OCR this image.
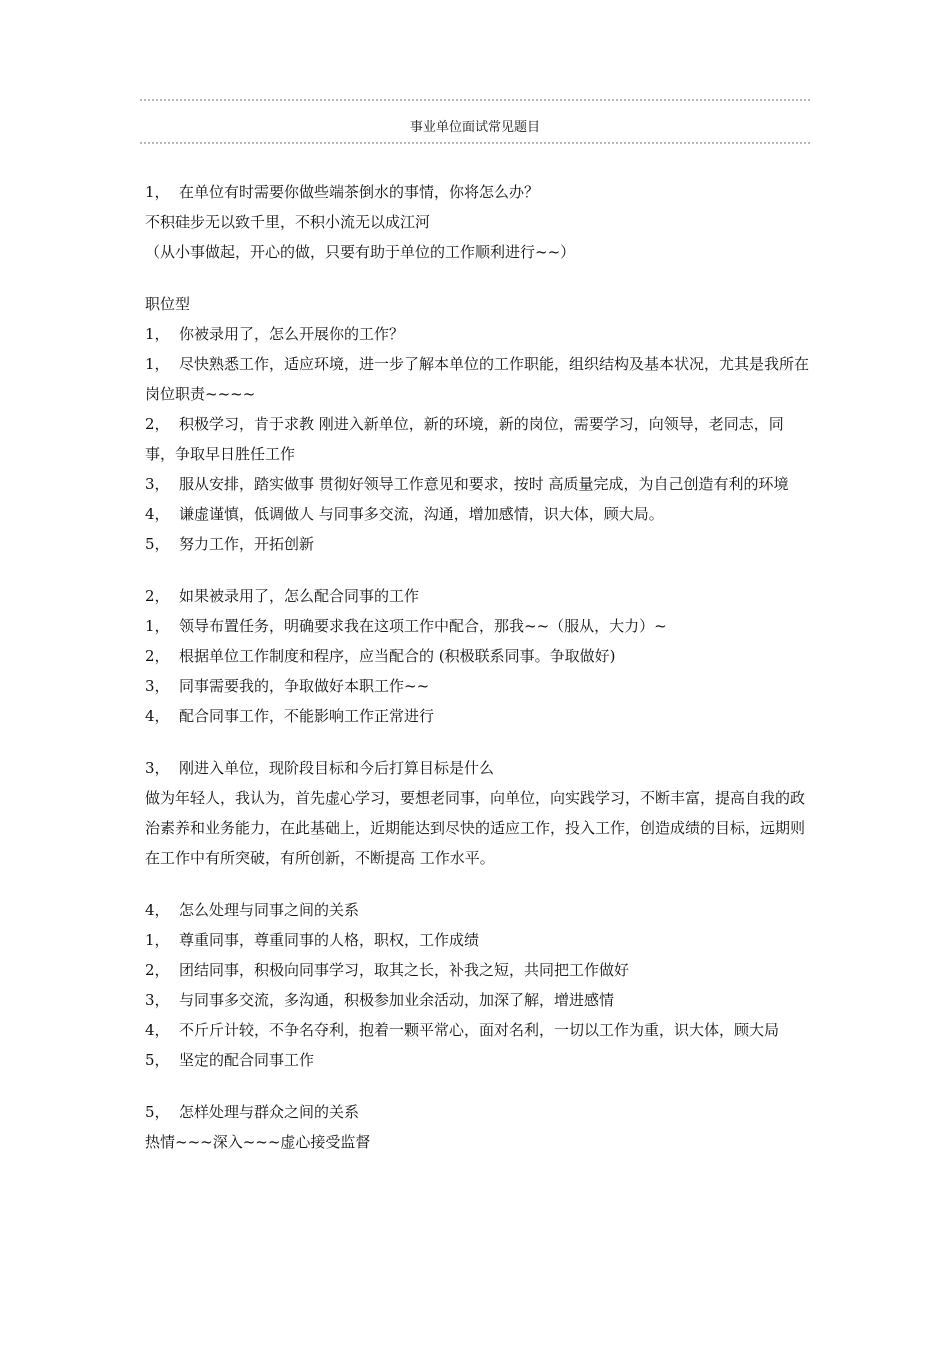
事业单位面试常见题目
1， 在单位有时需要你做些端茶倒水的事情，你将怎么办？
不积硅步无以致千里，不积小流无以成江河
（从小事做起，开心的做，只要有助于单位的工作顺利进行~~）
职位型
1， 你被录用了，怎么开展你的工作？
1， 尽快熟悉工作，适应环境，进一步了解本单位的工作职能，组织结构及基本状况，尤其是我所在岗位职责~~~~
2， 积极学习，肯于求教 刚进入新单位，新的环境，新的岗位，需要学习，向领导，老同志，同事，争取早日胜任工作
3， 服从安排，踏实做事 贯彻好领导工作意见和要求，按时 高质量完成，为自己创造有利的环境
4， 谦虚谨慎，低调做人 与同事多交流，沟通，增加感情，识大体，顾大局。
5， 努力工作，开拓创新
2， 如果被录用了，怎么配合同事的工作
1， 领导布置任务，明确要求我在这项工作中配合，那我~~（服从，大力）~
2， 根据单位工作制度和程序，应当配合的 (积极联系同事。争取做好)
3， 同事需要我的，争取做好本职工作~~
4， 配合同事工作，不能影响工作正常进行
3， 刚进入单位，现阶段目标和今后打算目标是什么
做为年轻人，我认为，首先虚心学习，要想老同事，向单位，向实践学习，不断丰富，提高自我的政治素养和业务能力，在此基础上，近期能达到尽快的适应工作，投入工作，创造成绩的目标，远期则在工作中有所突破，有所创新，不断提高 工作水平。
4， 怎么处理与同事之间的关系
1， 尊重同事，尊重同事的人格，职权，工作成绩
2， 团结同事，积极向同事学习，取其之长，补我之短，共同把工作做好
3， 与同事多交流，多沟通，积极参加业余活动，加深了解，增进感情
4， 不斤斤计较，不争名夺利，抱着一颗平常心，面对名利，一切以工作为重，识大体，顾大局
5， 坚定的配合同事工作
5， 怎样处理与群众之间的关系
热情~~~深入~~~虚心接受监督
